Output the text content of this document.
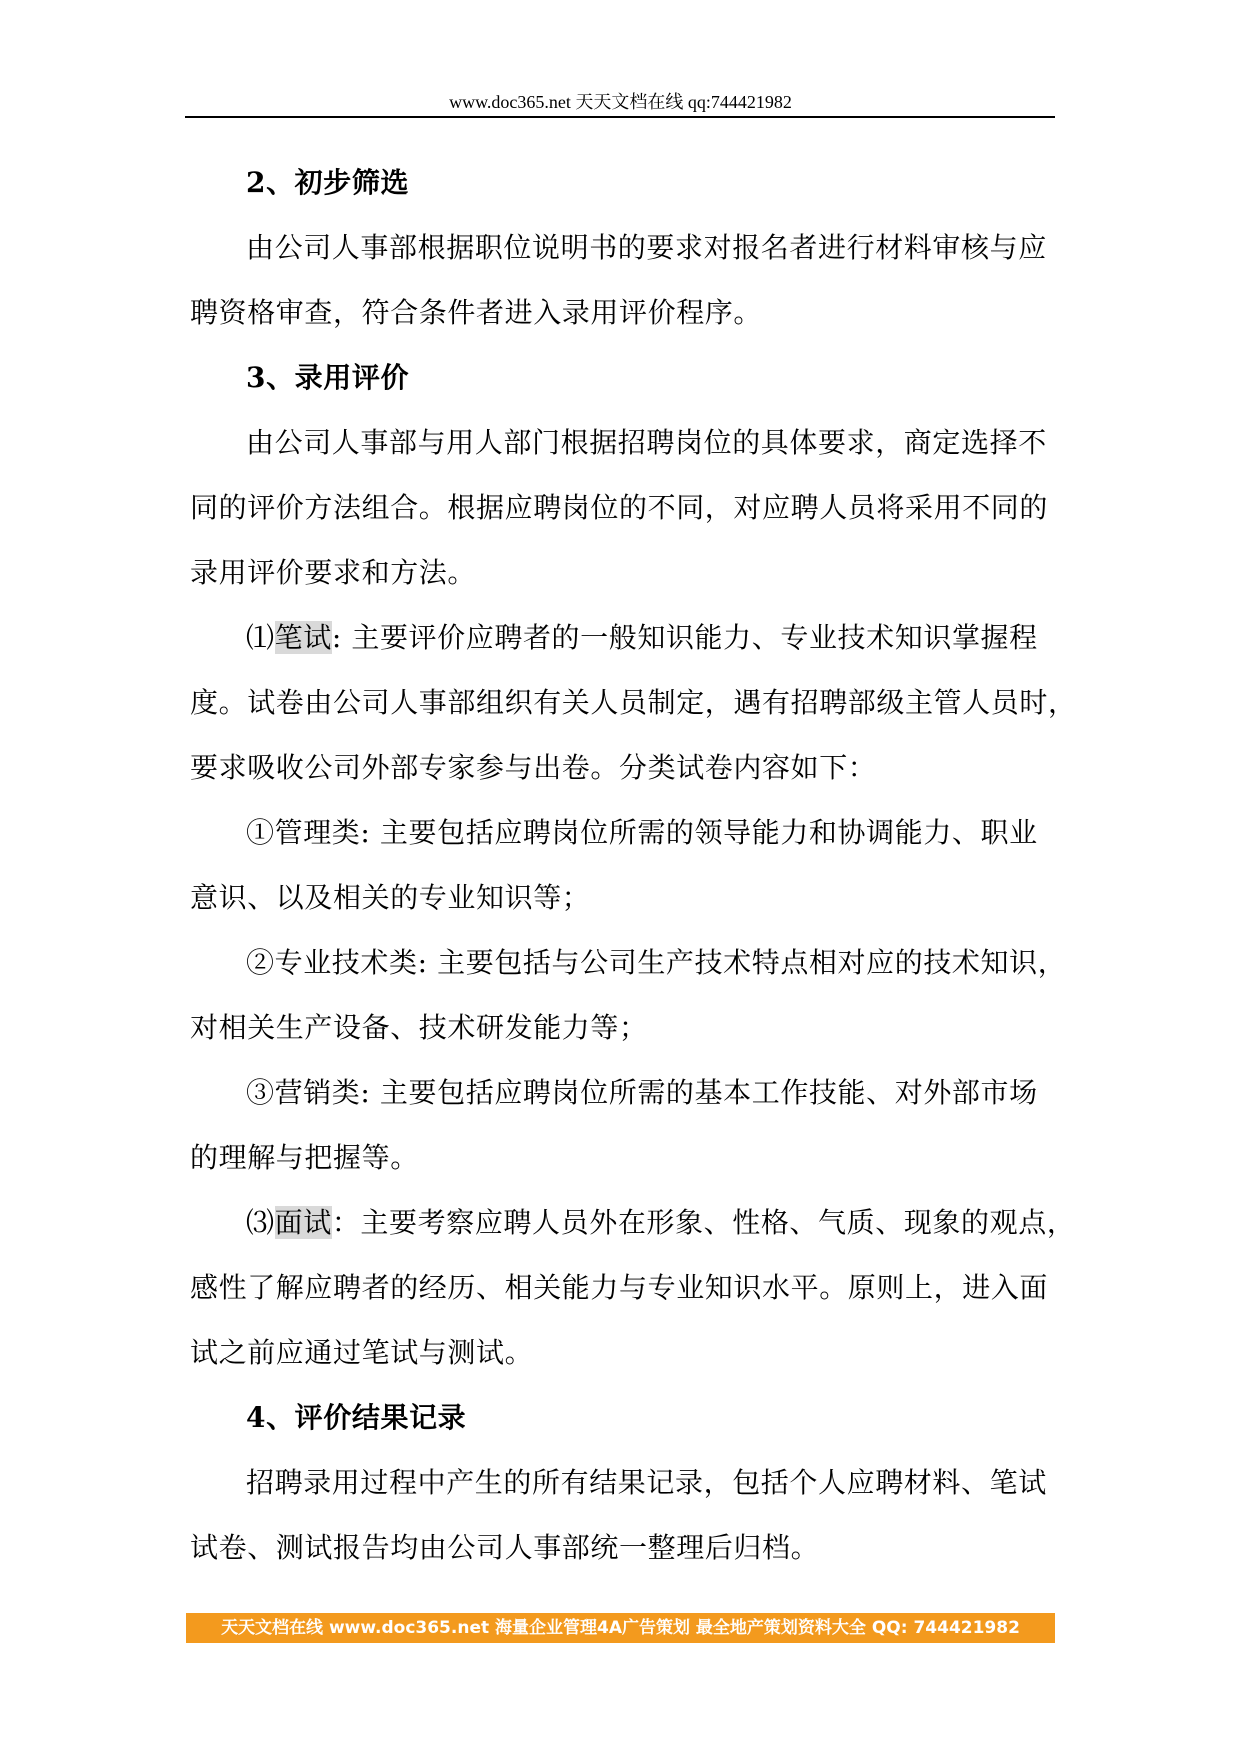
www.doc365.net 天天文档在线 qq:744421982
2、初步筛选
由公司人事部根据职位说明书的要求对报名者进行材料审核与应
聘资格审查，符合条件者进入录用评价程序。
3、录用评价
由公司人事部与用人部门根据招聘岗位的具体要求，商定选择不
同的评价方法组合。根据应聘岗位的不同，对应聘人员将采用不同的
录用评价要求和方法。
⑴笔试: 主要评价应聘者的一般知识能力、专业技术知识掌握程
度。试卷由公司人事部组织有关人员制定，遇有招聘部级主管人员时，
要求吸收公司外部专家参与出卷。分类试卷内容如下：
①管理类: 主要包括应聘岗位所需的领导能力和协调能力、职业
意识、以及相关的专业知识等；
②专业技术类: 主要包括与公司生产技术特点相对应的技术知识，
对相关生产设备、技术研发能力等；
③营销类: 主要包括应聘岗位所需的基本工作技能、对外部市场
的理解与把握等。
⑶面试：主要考察应聘人员外在形象、性格、气质、现象的观点，
感性了解应聘者的经历、相关能力与专业知识水平。原则上，进入面
试之前应通过笔试与测试。
4、评价结果记录
招聘录用过程中产生的所有结果记录，包括个人应聘材料、笔试
试卷、测试报告均由公司人事部统一整理后归档。
天天文档在线 www.doc365.net 海量企业管理4A广告策划 最全地产策划资料大全 QQ: 744421982
